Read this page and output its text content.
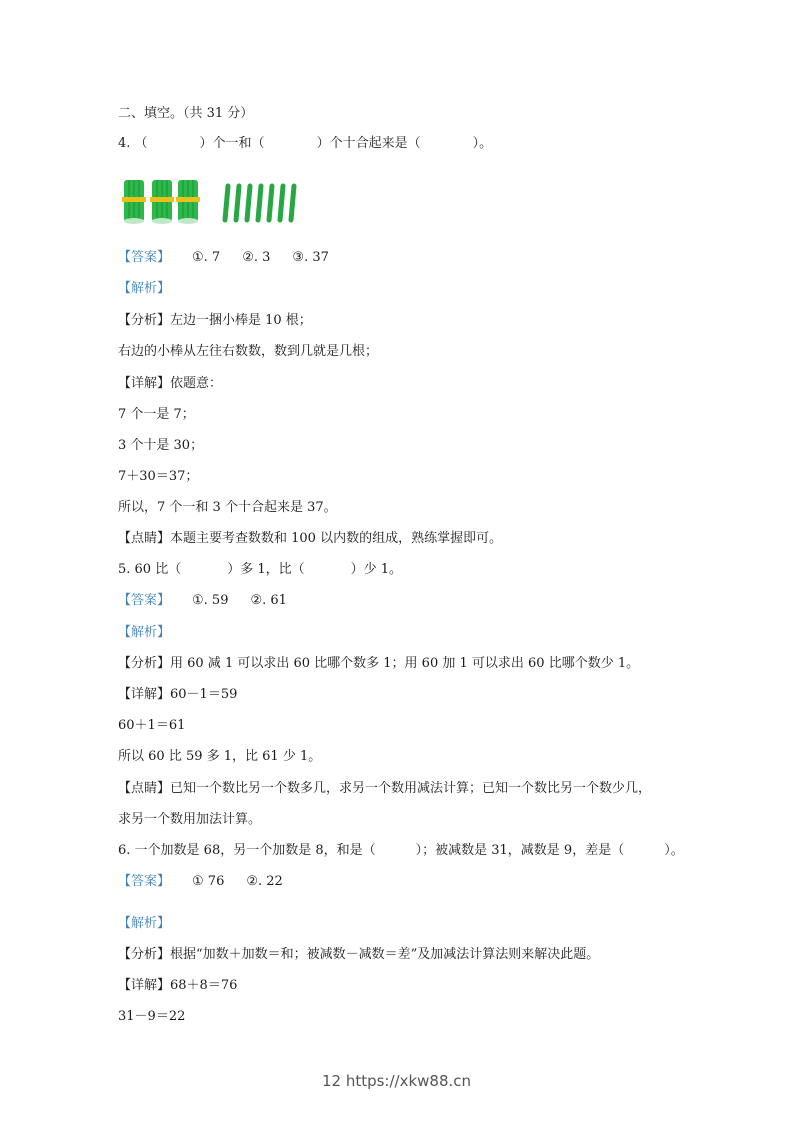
二、填空。（共 31 分）
4. （	）个一和（	）个十合起来是（	）。
【答案】 ①. 7 ②. 3 ③. 37
【解析】
【分析】左边一捆小棒是 10 根；
右边的小棒从左往右数数，数到几就是几根；
【详解】依题意：
7 个一是 7；
3 个十是 30；
7＋30＝37；
所以，7 个一和 3 个十合起来是 37。
【点睛】本题主要考查数数和 100 以内数的组成，熟练掌握即可。
5. 60 比（	）多 1，比（	）少 1。
【答案】 ①. 59 ②. 61
【解析】
【分析】用 60 减 1 可以求出 60 比哪个数多 1；用 60 加 1 可以求出 60 比哪个数少 1。
【详解】60－1＝59
60＋1＝61
所以 60 比 59 多 1，比 61 少 1。
【点睛】已知一个数比另一个数多几，求另一个数用减法计算；已知一个数比另一个数少几，
求另一个数用加法计算。
6. 一个加数是 68，另一个加数是 8，和是（	）；被减数是 31，减数是 9，差是（	）。
【答案】 ① 76 ②. 22
【解析】
【分析】根据“加数＋加数＝和；被减数－减数＝差”及加减法计算法则来解决此题。
【详解】68＋8＝76
31－9＝22
12 https://xkw88.cn
